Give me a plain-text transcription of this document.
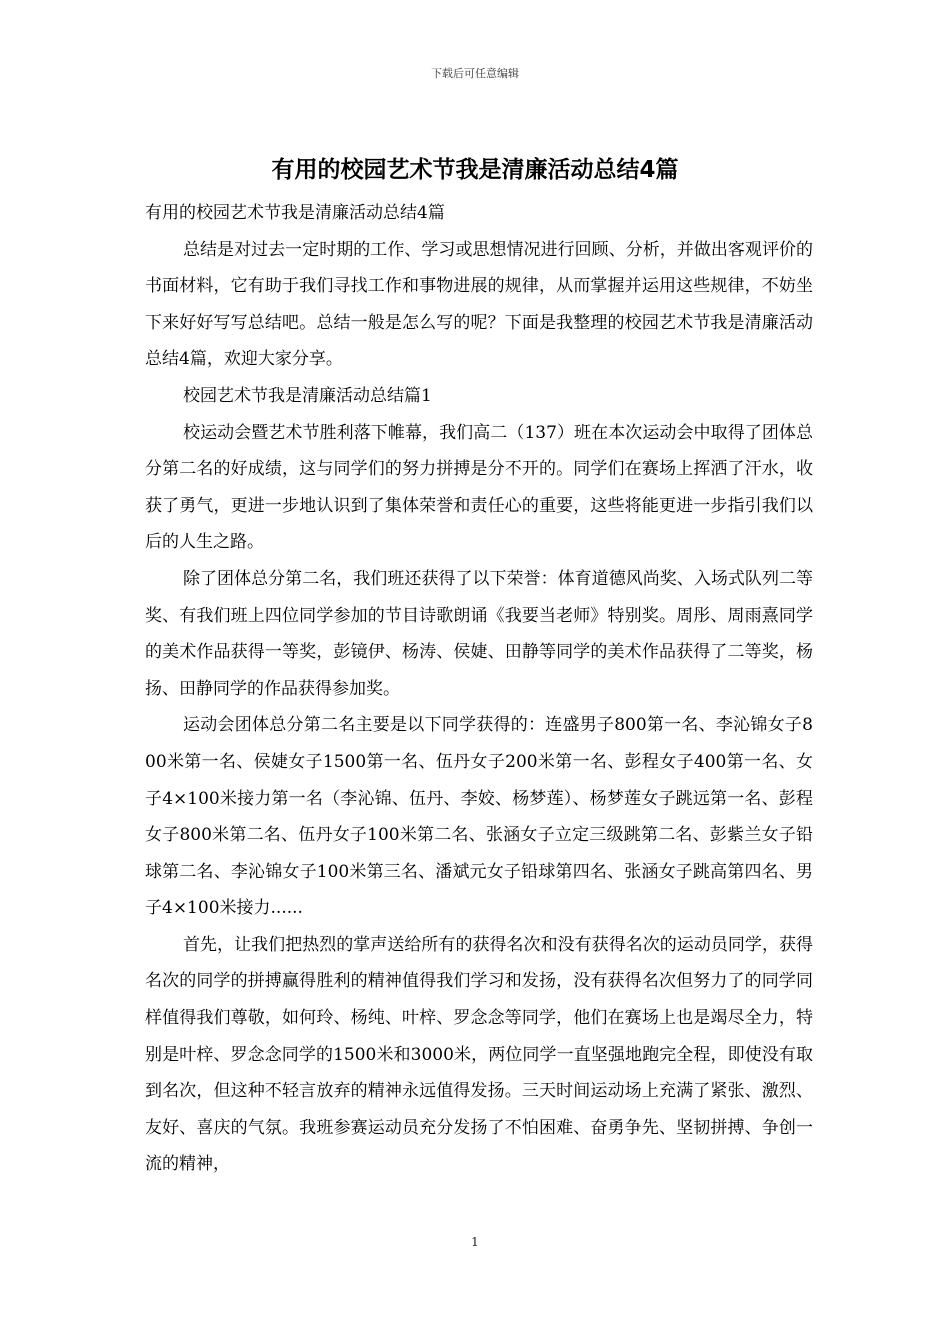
下载后可任意编辑
有用的校园艺术节我是清廉活动总结4篇

有用的校园艺术节我是清廉活动总结4篇

总结是对过去一定时期的工作、学习或思想情况进行回顾、分析，并做出客观评价的书面材料，它有助于我们寻找工作和事物进展的规律，从而掌握并运用这些规律，不妨坐下来好好写写总结吧。总结一般是怎么写的呢？下面是我整理的校园艺术节我是清廉活动总结4篇，欢迎大家分享。

校园艺术节我是清廉活动总结篇1

校运动会暨艺术节胜利落下帷幕，我们高二（137）班在本次运动会中取得了团体总分第二名的好成绩，这与同学们的努力拼搏是分不开的。同学们在赛场上挥洒了汗水，收获了勇气，更进一步地认识到了集体荣誉和责任心的重要，这些将能更进一步指引我们以后的人生之路。

除了团体总分第二名，我们班还获得了以下荣誉：体育道德风尚奖、入场式队列二等奖、有我们班上四位同学参加的节目诗歌朗诵《我要当老师》特别奖。周彤、周雨熹同学的美术作品获得一等奖，彭镜伊、杨涛、侯婕、田静等同学的美术作品获得了二等奖，杨扬、田静同学的作品获得参加奖。

运动会团体总分第二名主要是以下同学获得的：连盛男子800第一名、李沁锦女子800米第一名、侯婕女子1500第一名、伍丹女子200米第一名、彭程女子400第一名、女子4×100米接力第一名（李沁锦、伍丹、李姣、杨梦莲）、杨梦莲女子跳远第一名、彭程女子800米第二名、伍丹女子100米第二名、张涵女子立定三级跳第二名、彭紫兰女子铅球第二名、李沁锦女子100米第三名、潘斌元女子铅球第四名、张涵女子跳高第四名、男子4×100米接力......

首先，让我们把热烈的掌声送给所有的获得名次和没有获得名次的运动员同学，获得名次的同学的拼搏赢得胜利的精神值得我们学习和发扬，没有获得名次但努力了的同学同样值得我们尊敬，如何玲、杨纯、叶梓、罗念念等同学，他们在赛场上也是竭尽全力，特别是叶梓、罗念念同学的1500米和3000米，两位同学一直坚强地跑完全程，即使没有取到名次，但这种不轻言放弃的精神永远值得发扬。三天时间运动场上充满了紧张、激烈、友好、喜庆的气氛。我班参赛运动员充分发扬了不怕困难、奋勇争先、坚韧拼搏、争创一流的精神，

1
